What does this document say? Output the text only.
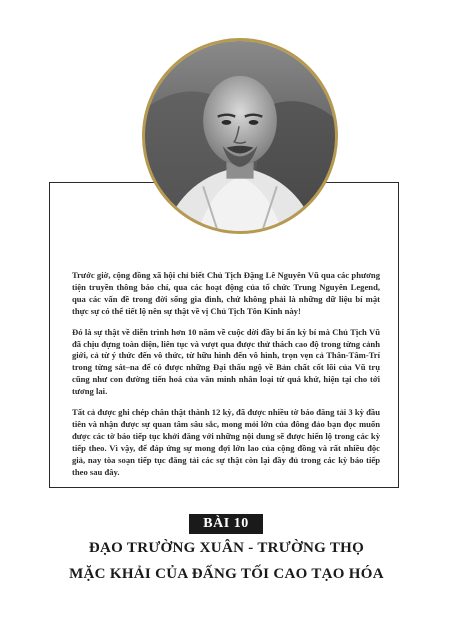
Trước giờ, cộng đồng xã hội chỉ biết Chủ Tịch Đặng Lê Nguyên Vũ qua các phương tiện truyền thông báo chí, qua các hoạt động của tổ chức Trung Nguyên Legend, qua các vấn đề trong đời sống gia đình, chứ không phải là những dữ liệu bí mật thực sự có thể tiết lộ nên sự thật về vị Chủ Tịch Tôn Kính này!

Đó là sự thật về diễn trình hơn 10 năm về cuộc dời đầy bí ẩn kỳ bí mà Chủ Tịch Vũ đã chịu đựng toàn diện, liên tục và vượt qua được thử thách cao độ trong từng cảnh giới, cả từ ý thức đến vô thức, từ hữu hình đến vô hình, trọn vẹn cả Thân-Tâm-Trí trong từng sát–na để có được những Đại thấu ngộ về Bản chất cốt lõi của Vũ trụ cũng như con đường tiến hoá của văn minh nhân loại từ quá khứ, hiện tại cho tới tương lai.

Tất cả được ghi chép chân thật thành 12 kỳ, đã được nhiều tờ báo đăng tải 3 kỳ đầu tiên và nhận được sự quan tâm sâu sắc, mong mỏi lớn của đông đảo bạn đọc muốn được các tờ báo tiếp tục khởi đăng với những nội dung sẽ được hiển lộ trong các kỳ tiếp theo. Vì vậy, để đáp ứng sự mong đợi lớn lao của cộng đồng và rất nhiều độc giả, nay tòa soạn tiếp tục đăng tải các sự thật còn lại đầy đủ trong các kỳ báo tiếp theo sau đây.

BÀI 10
ĐẠO TRƯỜNG XUÂN - TRƯỜNG THỌ
MẶC KHẢI CỦA ĐẤNG TỐI CAO TẠO HÓA
